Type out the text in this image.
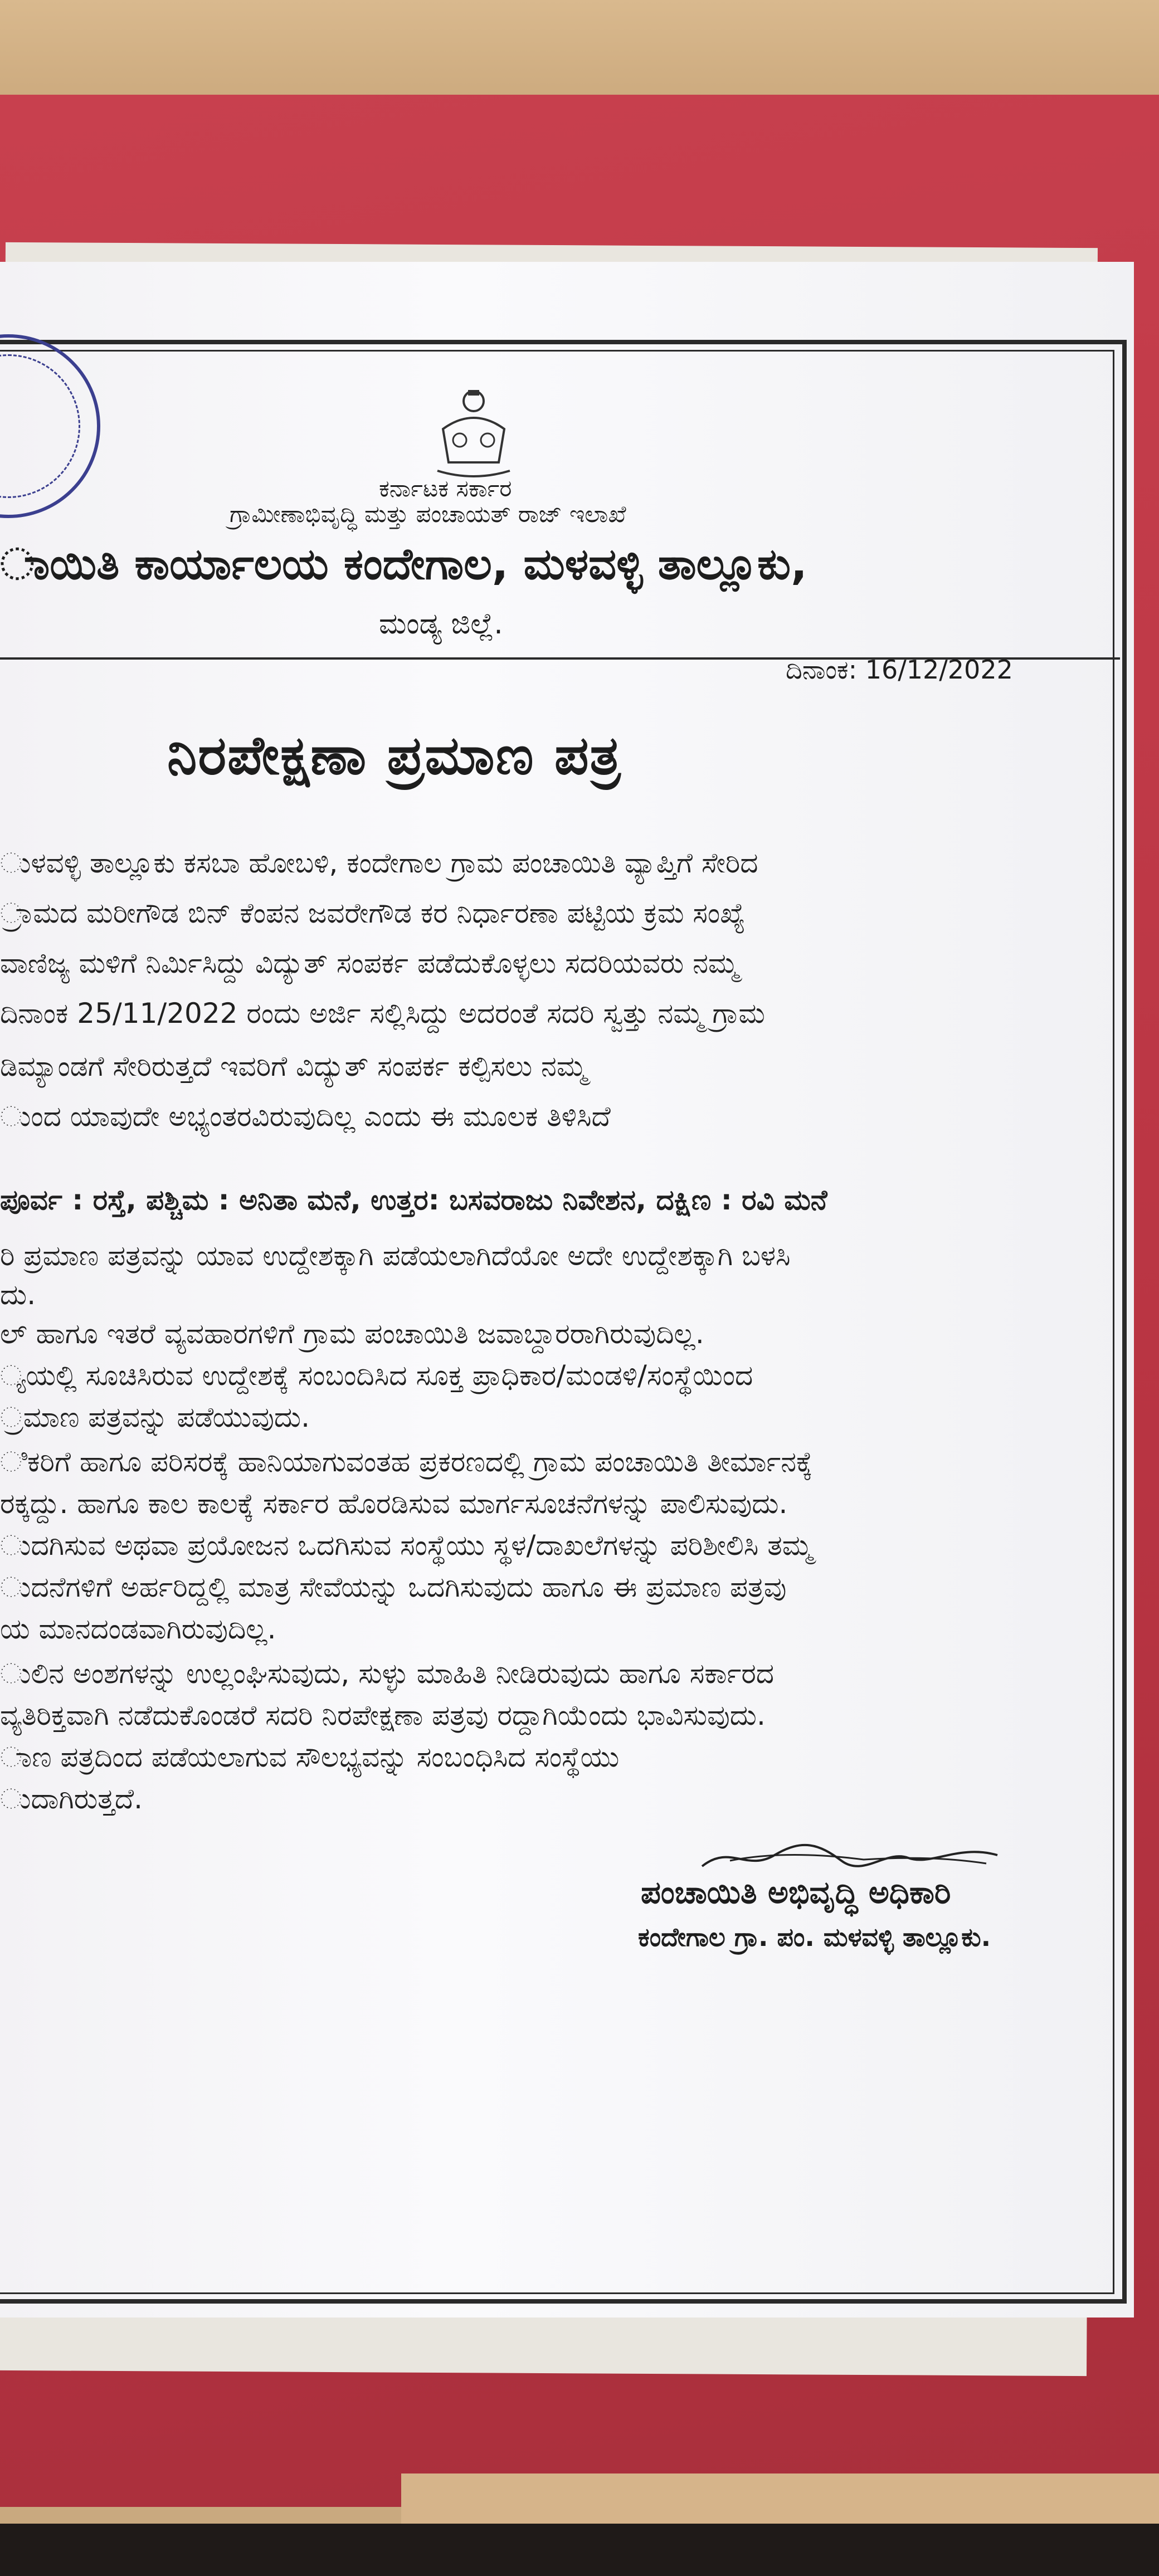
ಕರ್ನಾಟಕ ಸರ್ಕಾರ
ಗ್ರಾಮೀಣಾಭಿವೃದ್ಧಿ ಮತ್ತು ಪಂಚಾಯತ್ ರಾಜ್ ಇಲಾಖೆ
ಾಯಿತಿ ಕಾರ್ಯಾಲಯ ಕಂದೇಗಾಲ, ಮಳವಳ್ಳಿ ತಾಲ್ಲೂಕು,
ಮಂಡ್ಯ ಜಿಲ್ಲೆ.
ದಿನಾಂಕ: 16/12/2022
ನಿರಪೇಕ್ಷಣಾ ಪ್ರಮಾಣ ಪತ್ರ
ುಳವಳ್ಳಿ ತಾಲ್ಲೂಕು ಕಸಬಾ ಹೋಬಳಿ, ಕಂದೇಗಾಲ ಗ್ರಾಮ ಪಂಚಾಯಿತಿ ವ್ಯಾಪ್ತಿಗೆ ಸೇರಿದ
್ರಾಮದ ಮರೀಗೌಡ ಬಿನ್ ಕೆಂಪನ ಜವರೇಗೌಡ ಕರ ನಿರ್ಧಾರಣಾ ಪಟ್ಟಿಯ ಕ್ರಮ ಸಂಖ್ಯೆ
ವಾಣಿಜ್ಯ ಮಳಿಗೆ ನಿರ್ಮಿಸಿದ್ದು ವಿದ್ಯುತ್ ಸಂಪರ್ಕ ಪಡೆದುಕೊಳ್ಳಲು ಸದರಿಯವರು ನಮ್ಮ
ದಿನಾಂಕ 25/11/2022 ರಂದು ಅರ್ಜಿ ಸಲ್ಲಿಸಿದ್ದು ಅದರಂತೆ ಸದರಿ ಸ್ವತ್ತು ನಮ್ಮ ಗ್ರಾಮ
ಡಿಮ್ಯಾಂಡಗೆ ಸೇರಿರುತ್ತದೆ ಇವರಿಗೆ ವಿದ್ಯುತ್ ಸಂಪರ್ಕ ಕಲ್ಪಿಸಲು ನಮ್ಮ
ುಂದ ಯಾವುದೇ ಅಭ್ಯಂತರವಿರುವುದಿಲ್ಲ ಎಂದು ಈ ಮೂಲಕ ತಿಳಿಸಿದೆ
ಪೂರ್ವ : ರಸ್ತೆ, ಪಶ್ಚಿಮ : ಅನಿತಾ ಮನೆ, ಉತ್ತರ: ಬಸವರಾಜು ನಿವೇಶನ, ದಕ್ಷಿಣ : ರವಿ ಮನೆ
ರಿ ಪ್ರಮಾಣ ಪತ್ರವನ್ನು ಯಾವ ಉದ್ದೇಶಕ್ಕಾಗಿ ಪಡೆಯಲಾಗಿದೆಯೋ ಅದೇ ಉದ್ದೇಶಕ್ಕಾಗಿ ಬಳಸಿ
ದು.
ಲ್ ಹಾಗೂ ಇತರೆ ವ್ಯವಹಾರಗಳಿಗೆ ಗ್ರಾಮ ಪಂಚಾಯಿತಿ ಜವಾಬ್ದಾರರಾಗಿರುವುದಿಲ್ಲ.
್ಯಯಲ್ಲಿ ಸೂಚಿಸಿರುವ ಉದ್ದೇಶಕ್ಕೆ ಸಂಬಂದಿಸಿದ ಸೂಕ್ತ ಪ್ರಾಧಿಕಾರ/ಮಂಡಳಿ/ಸಂಸ್ಥೆಯಿಂದ
್ರಮಾಣ ಪತ್ರವನ್ನು ಪಡೆಯುವುದು.
ಿಕರಿಗೆ ಹಾಗೂ ಪರಿಸರಕ್ಕೆ ಹಾನಿಯಾಗುವಂತಹ ಪ್ರಕರಣದಲ್ಲಿ ಗ್ರಾಮ ಪಂಚಾಯಿತಿ ತೀರ್ಮಾನಕ್ಕೆ
ರಕ್ಕದ್ದು. ಹಾಗೂ ಕಾಲ ಕಾಲಕ್ಕೆ ಸರ್ಕಾರ ಹೊರಡಿಸುವ ಮಾರ್ಗಸೂಚನೆಗಳನ್ನು ಪಾಲಿಸುವುದು.
ುದಗಿಸುವ ಅಥವಾ ಪ್ರಯೋಜನ ಒದಗಿಸುವ ಸಂಸ್ಥೆಯು ಸ್ಥಳ/ದಾಖಲೆಗಳನ್ನು ಪರಿಶೀಲಿಸಿ ತಮ್ಮ
ುದನೆಗಳಿಗೆ ಅರ್ಹರಿದ್ದಲ್ಲಿ ಮಾತ್ರ ಸೇವೆಯನ್ನು ಒದಗಿಸುವುದು ಹಾಗೂ ಈ ಪ್ರಮಾಣ ಪತ್ರವು
ಯ ಮಾನದಂಡವಾಗಿರುವುದಿಲ್ಲ.
ುಲಿನ ಅಂಶಗಳನ್ನು ಉಲ್ಲಂಘಿಸುವುದು, ಸುಳ್ಳು ಮಾಹಿತಿ ನೀಡಿರುವುದು ಹಾಗೂ ಸರ್ಕಾರದ
ವ್ಯತಿರಿಕ್ತವಾಗಿ ನಡೆದುಕೊಂಡರೆ ಸದರಿ ನಿರಪೇಕ್ಷಣಾ ಪತ್ರವು ರದ್ದಾಗಿಯೆಂದು ಭಾವಿಸುವುದು.
ಾಣ ಪತ್ರದಿಂದ ಪಡೆಯಲಾಗುವ ಸೌಲಭ್ಯವನ್ನು ಸಂಬಂಧಿಸಿದ ಸಂಸ್ಥೆಯು
ುದಾಗಿರುತ್ತದೆ.
ಪಂಚಾಯಿತಿ ಅಭಿವೃದ್ಧಿ ಅಧಿಕಾರಿ
ಕಂದೇಗಾಲ ಗ್ರಾ. ಪಂ. ಮಳವಳ್ಳಿ ತಾಲ್ಲೂಕು.
